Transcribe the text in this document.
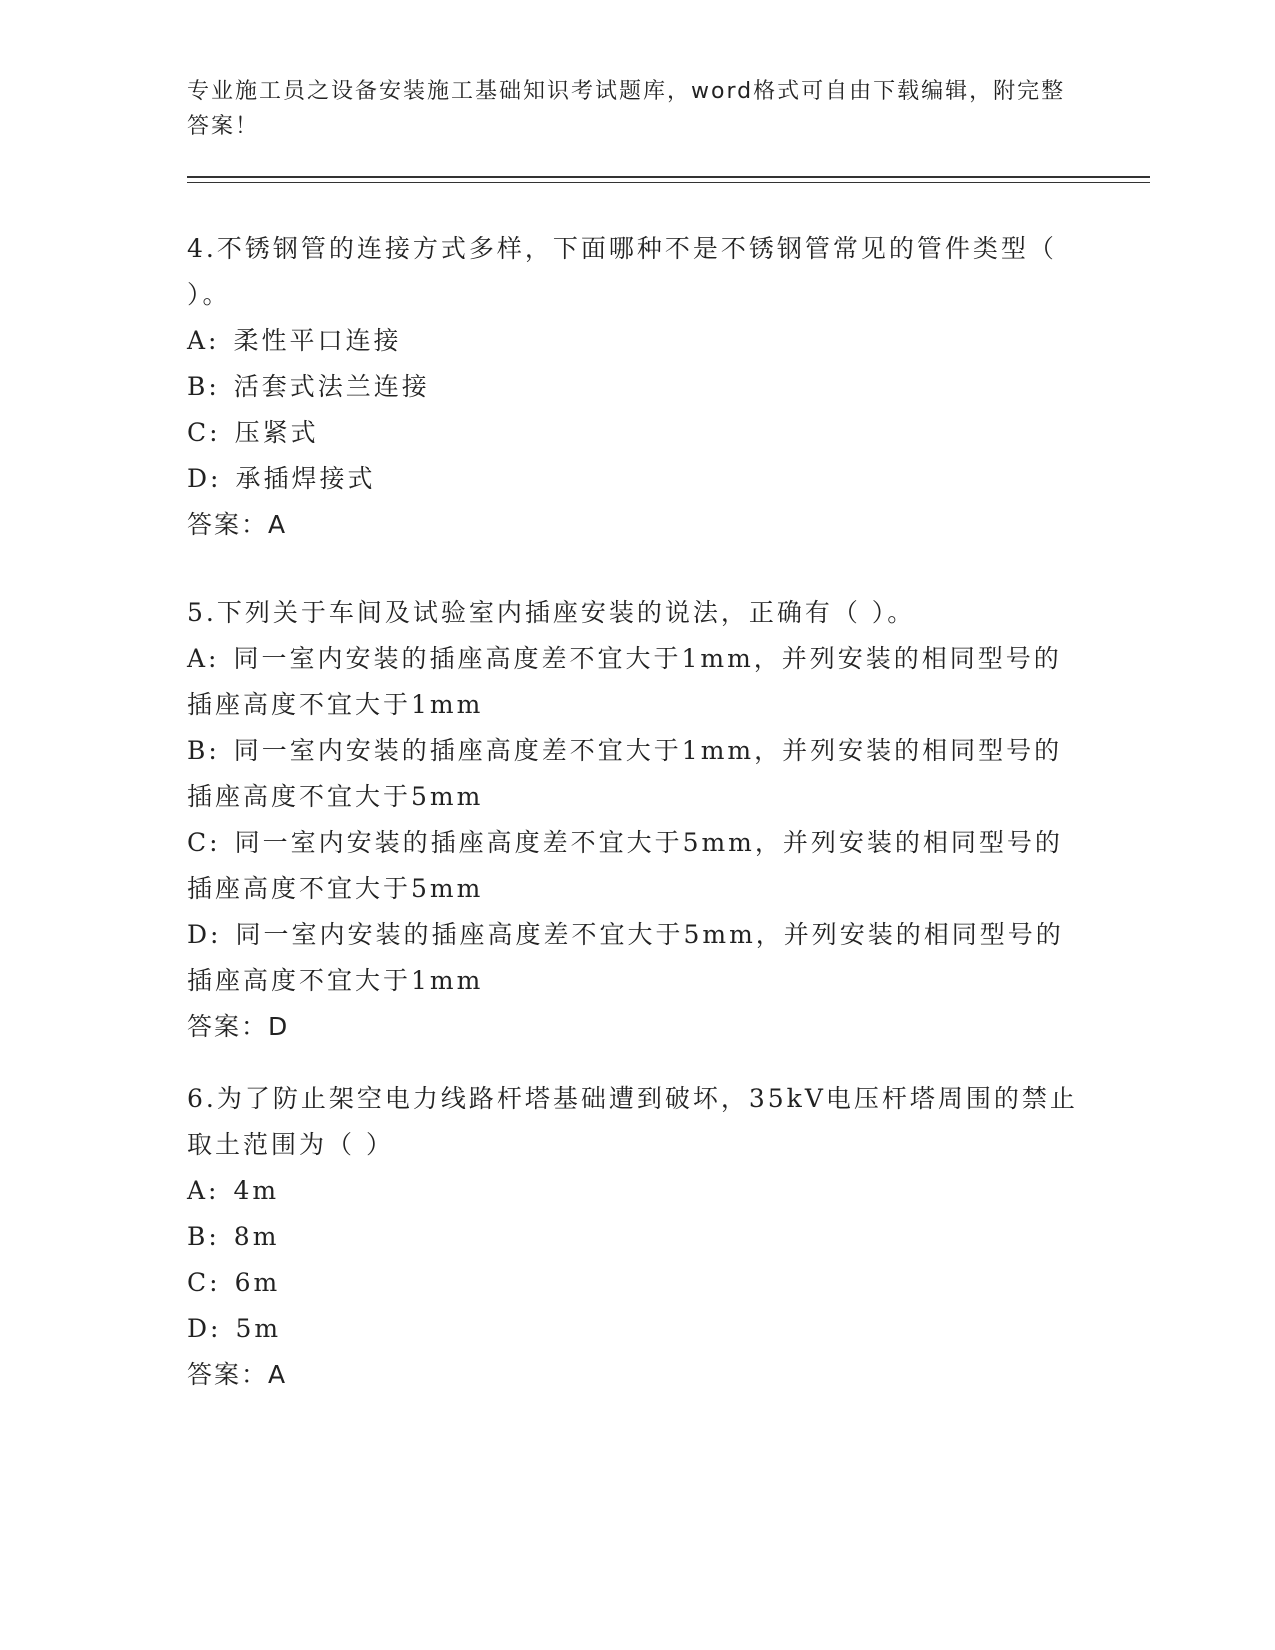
专业施工员之设备安装施工基础知识考试题库，word格式可自由下载编辑，附完整答案！

4.不锈钢管的连接方式多样，下面哪种不是不锈钢管常见的管件类型（ ）。

A: 柔性平口连接

B: 活套式法兰连接

C: 压紧式

D: 承插焊接式

答案：A

5.下列关于车间及试验室内插座安装的说法，正确有（ ）。

A: 同一室内安装的插座高度差不宜大于1mm，并列安装的相同型号的插座高度不宜大于1mm

B: 同一室内安装的插座高度差不宜大于1mm，并列安装的相同型号的插座高度不宜大于5mm

C: 同一室内安装的插座高度差不宜大于5mm，并列安装的相同型号的插座高度不宜大于5mm

D: 同一室内安装的插座高度差不宜大于5mm，并列安装的相同型号的插座高度不宜大于1mm

答案：D

6.为了防止架空电力线路杆塔基础遭到破坏，35kV电压杆塔周围的禁止取土范围为（ ）

A: 4m

B: 8m

C: 6m

D: 5m

答案：A
